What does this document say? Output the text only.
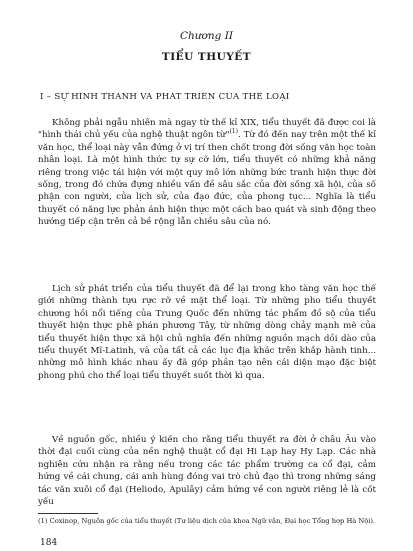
Chương II
TIỂU THUYẾT
I – SỰ HÌNH THÀNH VÀ PHÁT TRIỂN CỦA THỂ LOẠI

Không phải ngẫu nhiên mà ngay từ thế kỉ XIX, tiểu thuyết đã được coi là "hình thái chủ yếu của nghệ thuật ngôn từ"$^{(1)}$. Từ đó đến nay trên một thế kỉ văn học, thể loại này vẫn đứng ở vị trí then chốt trong đời sống văn học toàn nhân loại. Là một hình thức tự sự cỡ lớn, tiểu thuyết có những khả năng riêng trong việc tái hiện với một quy mô lớn những bức tranh hiện thực đời sống, trong đó chứa đựng nhiều vấn đề sâu sắc của đời sống xã hội, của số phận con người, của lịch sử, của đạo đức, của phong tục... Nghĩa là tiểu thuyết có năng lực phản ánh hiện thực một cách bao quát và sinh động theo hướng tiếp cận trên cả bề rộng lẫn chiều sâu của nó.

Lịch sử phát triển của tiểu thuyết đã để lại trong kho tàng văn học thế giới những thành tựu rực rỡ về mặt thể loại. Từ những pho tiểu thuyết chương hồi nổi tiếng của Trung Quốc đến những tác phẩm đồ sộ của tiểu thuyết hiện thực phê phán phương Tây, từ những dòng chảy mạnh mẽ của tiểu thuyết hiện thực xã hội chủ nghĩa đến những nguồn mạch dồi dào của tiểu thuyết Mĩ-Latinh, và của tất cả các lục địa khác trên khắp hành tinh... những mô hình khác nhau ấy đã góp phần tạo nên cái diện mạo đặc biệt phong phú cho thể loại tiểu thuyết suốt thời kì qua.

Về nguồn gốc, nhiều ý kiến cho rằng tiểu thuyết ra đời ở châu Âu vào thời đại cuối cùng của nền nghệ thuật cổ đại Hi Lạp hay Hy Lạp. Các nhà nghiên cứu nhận ra rằng nếu trong các tác phẩm trường ca cổ đại, cảm hứng về cái chung, cái anh hùng đóng vai trò chủ đạo thì trong những sáng tác văn xuôi cổ đại (Heliodo, Apulây) cảm hứng về con người riêng lẻ là cốt yếu

(1) Coxinop, Nguồn gốc của tiểu thuyết (Tư liệu dịch của khoa Ngữ văn, Đại học Tổng hợp Hà Nội).
184
